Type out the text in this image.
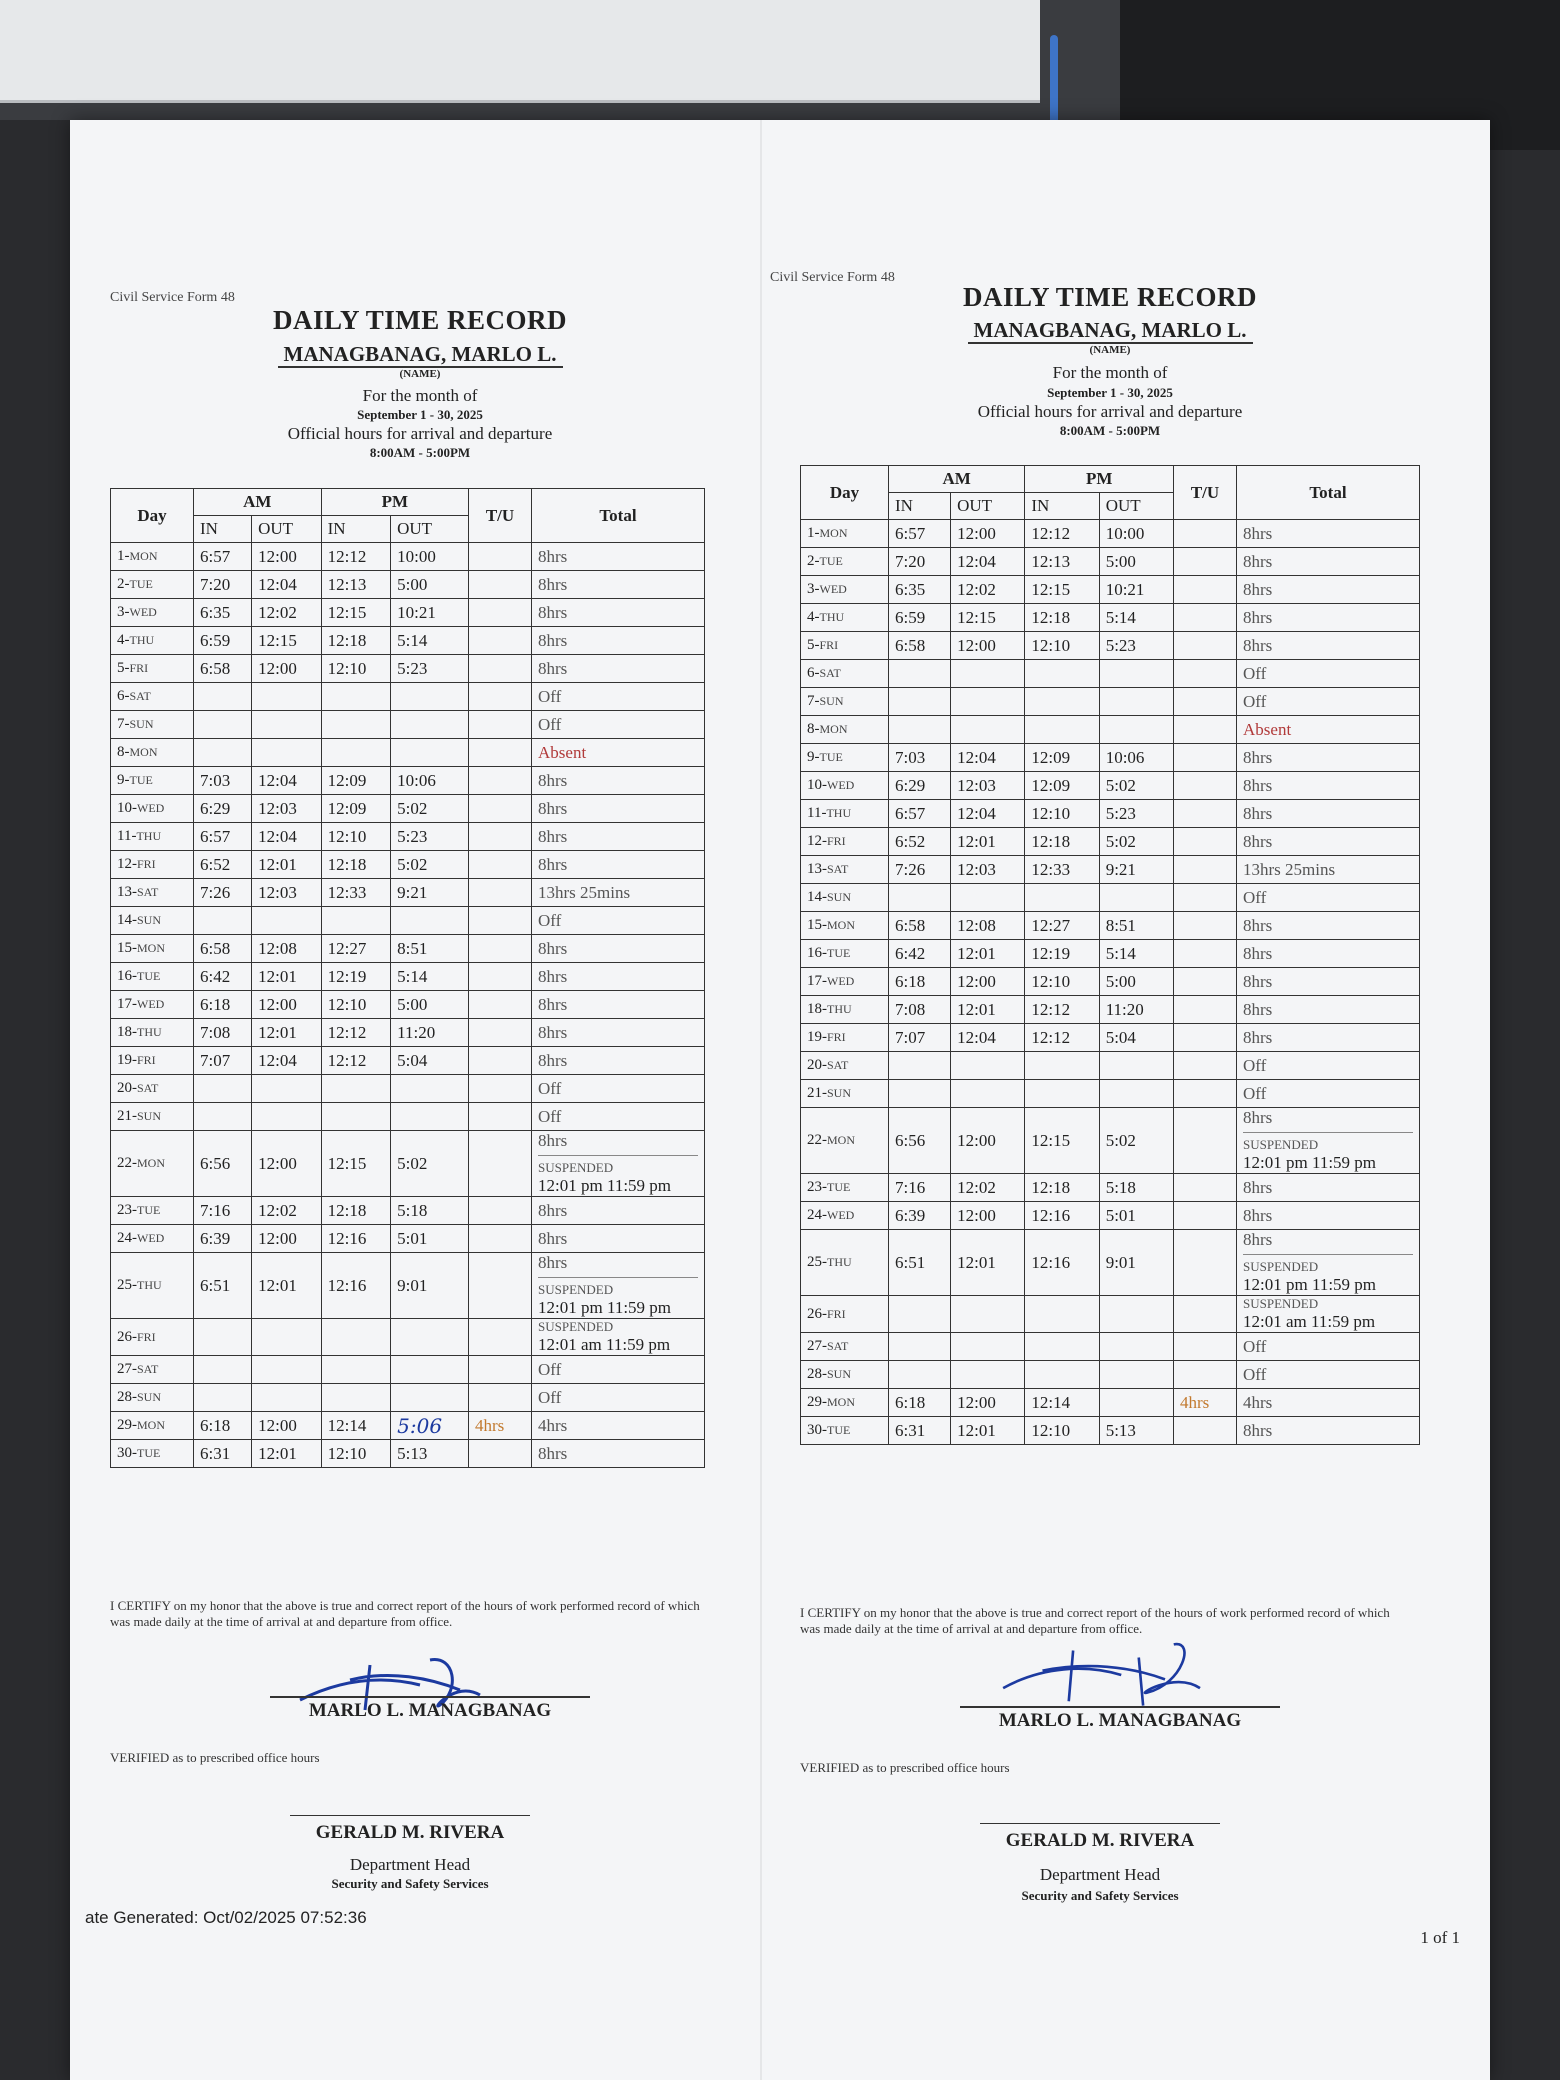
Civil Service Form 48
DAILY TIME RECORD
MANAGBANAG, MARLO L.
(NAME)
For the month of
September 1 - 30, 2025
Official hours for arrival and departure
8:00AM - 5:00PM
Day	AM		PM		T/U	Total
	IN	OUT	IN	OUT		
1-MON	6:57	12:00	12:12	10:00		8hrs
2-TUE	7:20	12:04	12:13	5:00		8hrs
3-WED	6:35	12:02	12:15	10:21		8hrs
4-THU	6:59	12:15	12:18	5:14		8hrs
5-FRI	6:58	12:00	12:10	5:23		8hrs
6-SAT						Off
7-SUN						Off
8-MON						Absent
9-TUE	7:03	12:04	12:09	10:06		8hrs
10-WED	6:29	12:03	12:09	5:02		8hrs
11-THU	6:57	12:04	12:10	5:23		8hrs
12-FRI	6:52	12:01	12:18	5:02		8hrs
13-SAT	7:26	12:03	12:33	9:21		13hrs 25mins
14-SUN						Off
15-MON	6:58	12:08	12:27	8:51		8hrs
16-TUE	6:42	12:01	12:19	5:14		8hrs
17-WED	6:18	12:00	12:10	5:00		8hrs
18-THU	7:08	12:01	12:12	11:20		8hrs
19-FRI	7:07	12:04	12:12	5:04		8hrs
20-SAT						Off
21-SUN						Off
22-MON	6:56	12:00	12:15	5:02		8hrs
SUSPENDED
12:01 pm 11:59 pm

23-TUE	7:16	12:02	12:18	5:18		8hrs
24-WED	6:39	12:00	12:16	5:01		8hrs
25-THU	6:51	12:01	12:16	9:01		8hrs
SUSPENDED
12:01 pm 11:59 pm

26-FRI						SUSPENDED
12:01 am 11:59 pm

27-SAT						Off
28-SUN						Off
29-MON	6:18	12:00	12:14	5:06	4hrs	4hrs
30-TUE	6:31	12:01	12:10	5:13		8hrs
I CERTIFY on my honor that the above is true and correct report of the hours of work performed record of which was made daily at the time of arrival at and departure from office.
MARLO L. MANAGBANAG
VERIFIED as to prescribed office hours
GERALD M. RIVERA
Department Head
Security and Safety Services
ate Generated: Oct/02/2025 07:52:36
Civil Service Form 48
DAILY TIME RECORD
MANAGBANAG, MARLO L.
(NAME)
For the month of
September 1 - 30, 2025
Official hours for arrival and departure
8:00AM - 5:00PM
Day	AM		PM		T/U	Total
	IN	OUT	IN	OUT		
1-MON	6:57	12:00	12:12	10:00		8hrs
2-TUE	7:20	12:04	12:13	5:00		8hrs
3-WED	6:35	12:02	12:15	10:21		8hrs
4-THU	6:59	12:15	12:18	5:14		8hrs
5-FRI	6:58	12:00	12:10	5:23		8hrs
6-SAT						Off
7-SUN						Off
8-MON						Absent
9-TUE	7:03	12:04	12:09	10:06		8hrs
10-WED	6:29	12:03	12:09	5:02		8hrs
11-THU	6:57	12:04	12:10	5:23		8hrs
12-FRI	6:52	12:01	12:18	5:02		8hrs
13-SAT	7:26	12:03	12:33	9:21		13hrs 25mins
14-SUN						Off
15-MON	6:58	12:08	12:27	8:51		8hrs
16-TUE	6:42	12:01	12:19	5:14		8hrs
17-WED	6:18	12:00	12:10	5:00		8hrs
18-THU	7:08	12:01	12:12	11:20		8hrs
19-FRI	7:07	12:04	12:12	5:04		8hrs
20-SAT						Off
21-SUN						Off
22-MON	6:56	12:00	12:15	5:02		8hrs
SUSPENDED
12:01 pm 11:59 pm

23-TUE	7:16	12:02	12:18	5:18		8hrs
24-WED	6:39	12:00	12:16	5:01		8hrs
25-THU	6:51	12:01	12:16	9:01		8hrs
SUSPENDED
12:01 pm 11:59 pm

26-FRI						SUSPENDED
12:01 am 11:59 pm

27-SAT						Off
28-SUN						Off
29-MON	6:18	12:00	12:14		4hrs	4hrs
30-TUE	6:31	12:01	12:10	5:13		8hrs
I CERTIFY on my honor that the above is true and correct report of the hours of work performed record of which was made daily at the time of arrival at and departure from office.
MARLO L. MANAGBANAG
VERIFIED as to prescribed office hours
GERALD M. RIVERA
Department Head
Security and Safety Services
1 of 1
